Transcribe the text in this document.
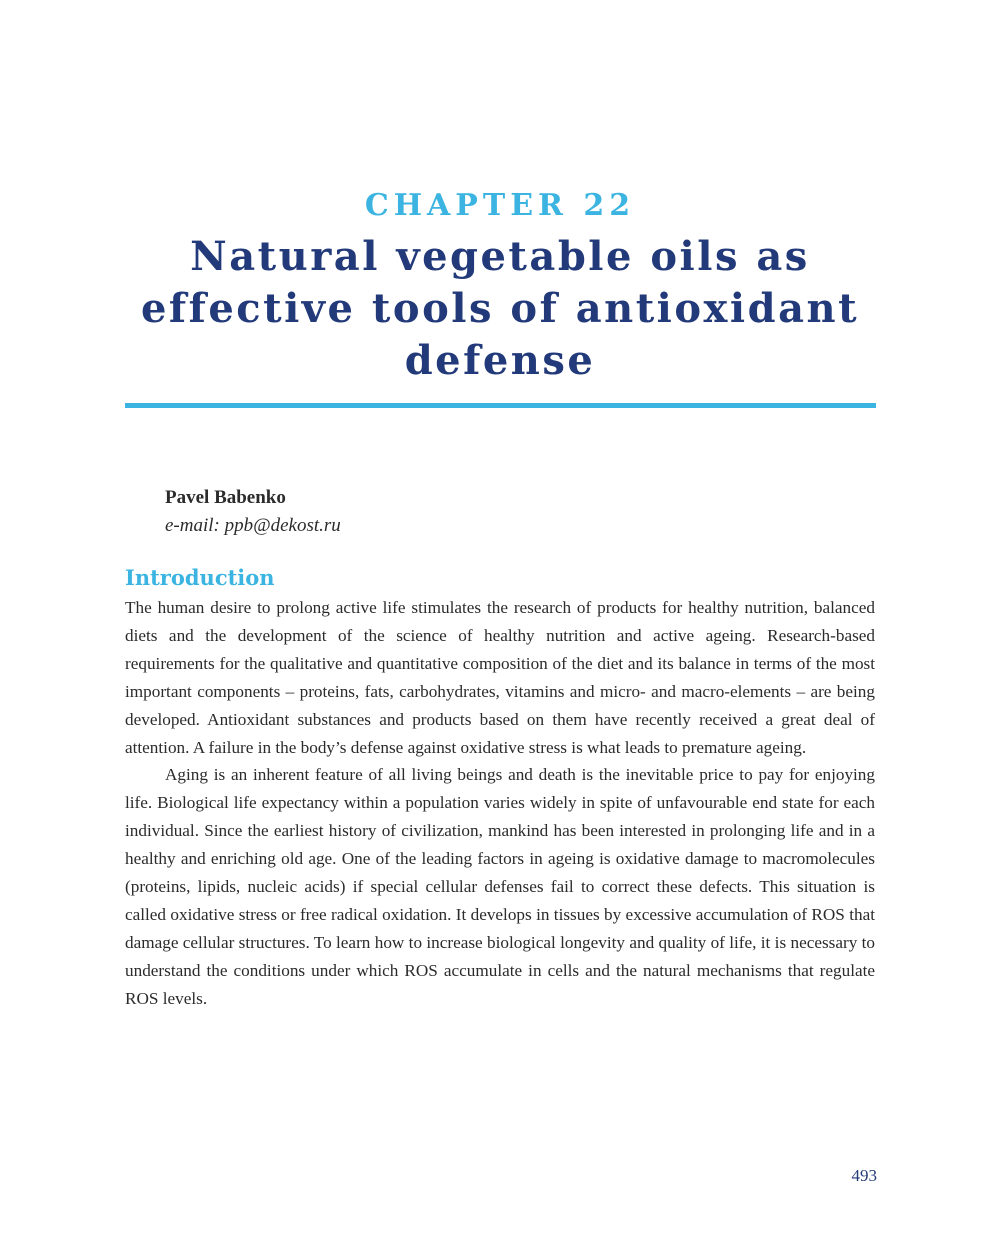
CHAPTER 22

Natural vegetable oils as effective tools of antioxidant defense
Pavel Babenko
e-mail: ppb@dekost.ru
Introduction

The human desire to prolong active life stimulates the research of products for healthy nutrition, balanced diets and the development of the science of healthy nutrition and active ageing. Research-based requirements for the qualitative and quantitative composition of the diet and its balance in terms of the most important components – proteins, fats, carbohydrates, vitamins and micro- and macro-elements – are being developed. Antioxidant substances and products based on them have recently received a great deal of attention. A failure in the body’s defense against oxidative stress is what leads to premature ageing.

Aging is an inherent feature of all living beings and death is the inevitable price to pay for enjoying life. Biological life expectancy within a population varies widely in spite of unfavourable end state for each individual. Since the earliest history of civilization, mankind has been interested in prolonging life and in a healthy and enriching old age. One of the leading factors in ageing is oxidative damage to macromolecules (proteins, lipids, nucleic acids) if special cellular defenses fail to correct these defects. This situation is called oxidative stress or free radical oxidation. It develops in tissues by excessive accumulation of ROS that damage cellular structures. To learn how to increase biological longevity and quality of life, it is necessary to understand the conditions under which ROS accumulate in cells and the natural mechanisms that regulate ROS levels.

493
